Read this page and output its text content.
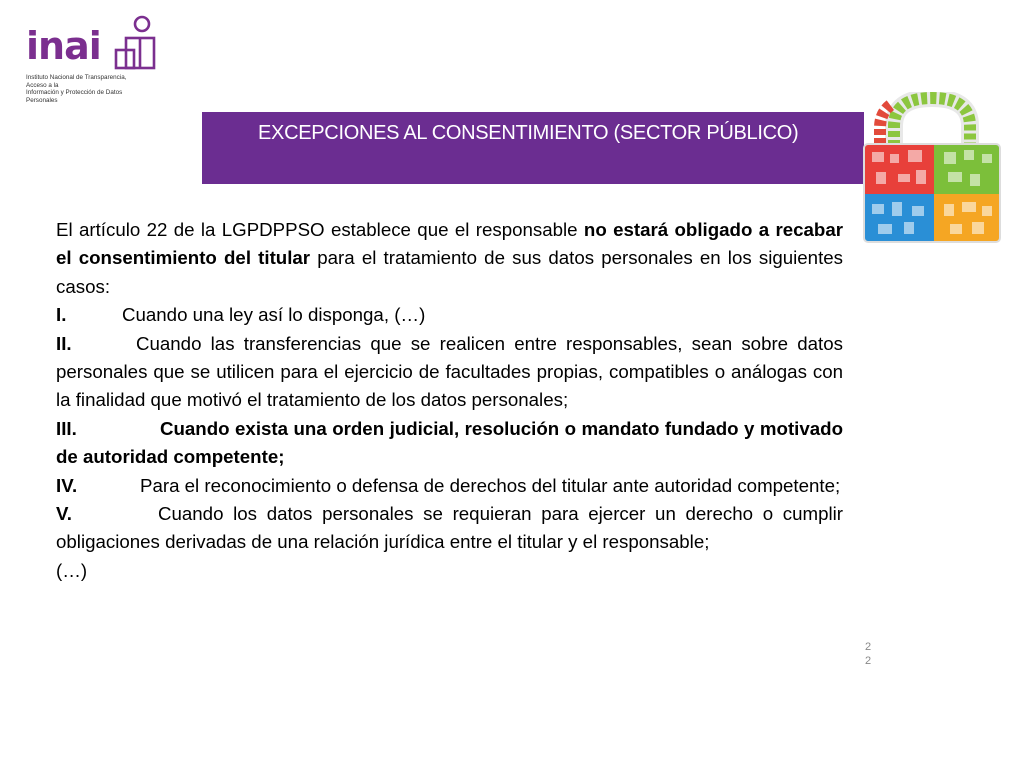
inai
Instituto Nacional de Transparencia, Acceso a la
Información y Protección de Datos Personales
EXCEPCIONES AL CONSENTIMIENTO (SECTOR PÚBLICO)

El artículo 22 de la LGPDPPSO establece que el responsable no estará obligado a recabar el consentimiento del titular para el tratamiento de sus datos personales en los siguientes casos:

I.	Cuando una ley así lo disponga, (…)

II.	Cuando las transferencias que se realicen entre responsables, sean sobre datos personales que se utilicen para el ejercicio de facultades propias, compatibles o análogas con la finalidad que motivó el tratamiento de los datos personales;

III.	Cuando exista una orden judicial, resolución o mandato fundado y motivado de autoridad competente;

IV.	Para el reconocimiento o defensa de derechos del titular ante autoridad competente;

V.	Cuando los datos personales se requieran para ejercer un derecho o cumplir obligaciones derivadas de una relación jurídica entre el titular y el responsable;

(…)

2
2
